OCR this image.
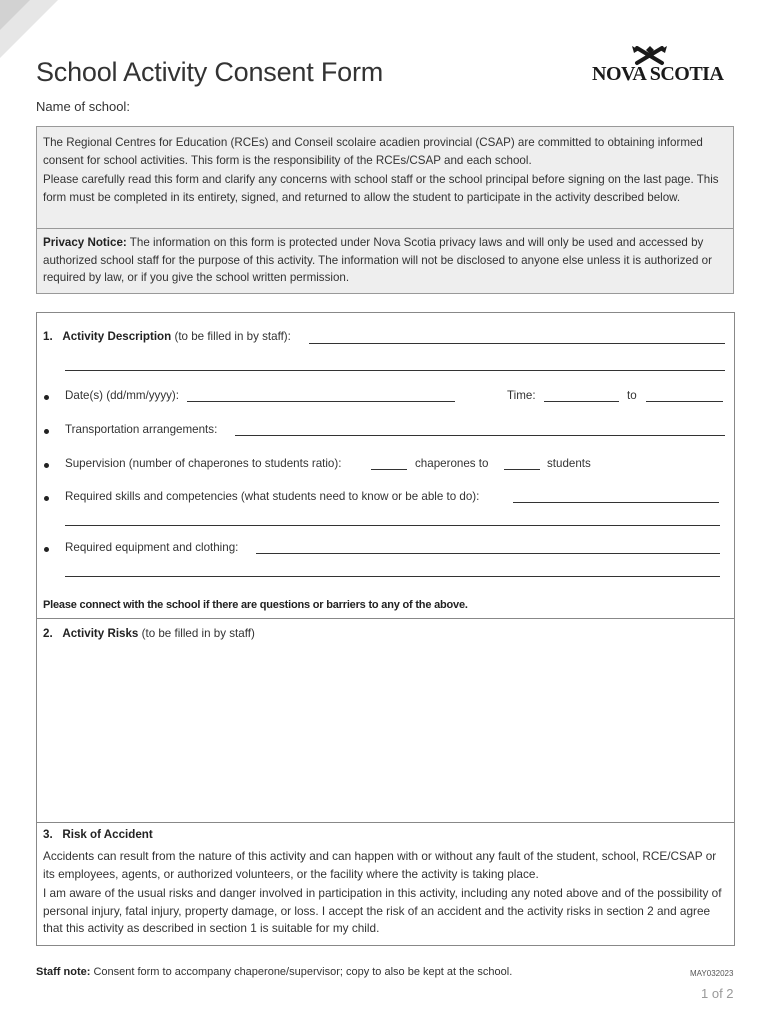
School Activity Consent Form	NOVA SCOTIA
Name of school:
The Regional Centres for Education (RCEs) and Conseil scolaire acadien provincial (CSAP) are committed to obtaining informed consent for school activities. This form is the responsibility of the RCEs/CSAP and each school.
Please carefully read this form and clarify any concerns with school staff or the school principal before signing on the last page. This form must be completed in its entirety, signed, and returned to allow the student to participate in the activity described below.
Privacy Notice: The information on this form is protected under Nova Scotia privacy laws and will only be used and accessed by authorized school staff for the purpose of this activity. The information will not be disclosed to anyone else unless it is authorized or required by law, or if you give the school written permission.
1. Activity Description (to be filled in by staff):
Date(s) (dd/mm/yyyy):	Time:	to
Transportation arrangements:
Supervision (number of chaperones to students ratio):	chaperones to	students
Required skills and competencies (what students need to know or be able to do):
Required equipment and clothing:
Please connect with the school if there are questions or barriers to any of the above.
2. Activity Risks (to be filled in by staff)
3. Risk of Accident
Accidents can result from the nature of this activity and can happen with or without any fault of the student, school, RCE/CSAP or its employees, agents, or authorized volunteers, or the facility where the activity is taking place.
I am aware of the usual risks and danger involved in participation in this activity, including any noted above and of the possibility of personal injury, fatal injury, property damage, or loss. I accept the risk of an accident and the activity risks in section 2 and agree that this activity as described in section 1 is suitable for my child.
Staff note: Consent form to accompany chaperone/supervisor; copy to also be kept at the school.	MAY032023
1 of 2
